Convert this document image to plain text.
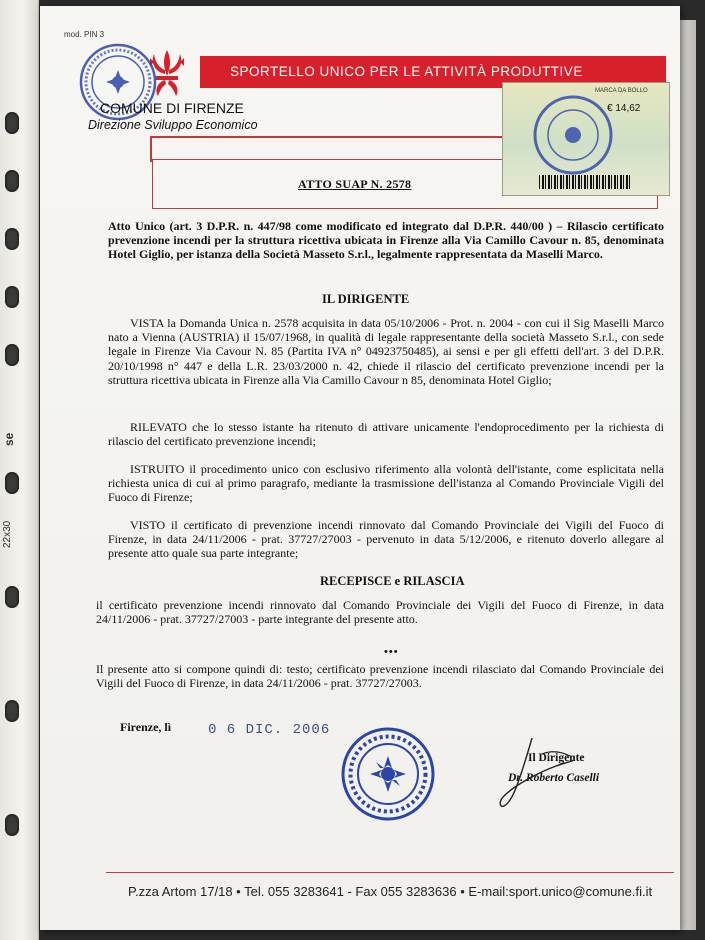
se
22x30
mod. PIN 3
SPORTELLO UNICO PER LE ATTIVITÀ PRODUTTIVE
COMUNE DI FIRENZE
Direzione Sviluppo Economico
ATTO SUAP N. 2578
MARCA DA BOLLO
€ 14,62
Atto Unico (art. 3 D.P.R. n. 447/98 come modificato ed integrato dal D.P.R. 440/00 ) – Rilascio certificato prevenzione incendi per la struttura ricettiva ubicata in Firenze alla Via Camillo Cavour n. 85, denominata Hotel Giglio, per istanza della Società Masseto S.r.l., legalmente rappresentata da Maselli Marco.
IL DIRIGENTE
VISTA la Domanda Unica n. 2578 acquisita in data 05/10/2006 - Prot. n. 2004 - con cui il Sig Maselli Marco nato a Vienna (AUSTRIA) il 15/07/1968, in qualità di legale rappresentante della società Masseto S.r.l., con sede legale in Firenze Via Cavour N. 85 (Partita IVA n° 04923750485), ai sensi e per gli effetti dell'art. 3 del D.P.R. 20/10/1998 n° 447 e della L.R. 23/03/2000 n. 42, chiede il rilascio del certificato prevenzione incendi per la struttura ricettiva ubicata in Firenze alla Via Camillo Cavour n 85, denominata Hotel Giglio;
RILEVATO che lo stesso istante ha ritenuto di attivare unicamente l'endoprocedimento per la richiesta di rilascio del certificato prevenzione incendi;
ISTRUITO il procedimento unico con esclusivo riferimento alla volontà dell'istante, come esplicitata nella richiesta unica di cui al primo paragrafo, mediante la trasmissione dell'istanza al Comando Provinciale Vigili del Fuoco di Firenze;
VISTO il certificato di prevenzione incendi rinnovato dal Comando Provinciale dei Vigili del Fuoco di Firenze, in data 24/11/2006 - prat. 37727/27003 - pervenuto in data 5/12/2006, e ritenuto doverlo allegare al presente atto quale sua parte integrante;
RECEPISCE e RILASCIA
il certificato prevenzione incendi rinnovato dal Comando Provinciale dei Vigili del Fuoco di Firenze, in data 24/11/2006 - prat. 37727/27003 - parte integrante del presente atto.
•••
Il presente atto si compone quindi di: testo; certificato prevenzione incendi rilasciato dal Comando Provinciale dei Vigili del Fuoco di Firenze, in data 24/11/2006 - prat. 37727/27003.
Firenze, lì	0 6 DIC. 2006
Il Dirigente
Dr. Roberto Caselli
P.zza Artom 17/18 • Tel. 055 3283641 - Fax 055 3283636 • E-mail:sport.unico@comune.fi.it
